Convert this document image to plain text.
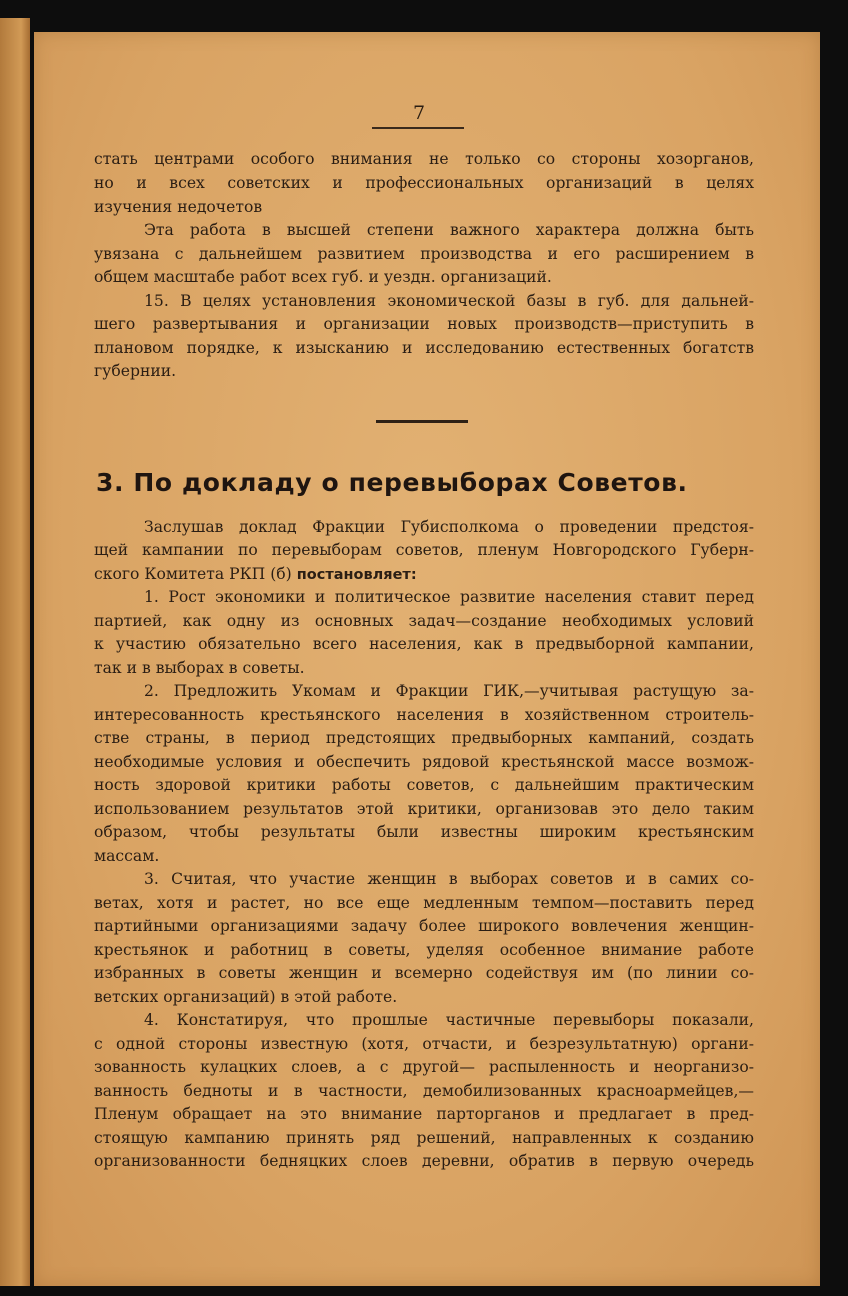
7
стать центрами особого внимания не только со стороны хозорганов,
но и всех советских и профессиональных организаций в целях
изучения недочетов
Эта работа в высшей степени важного характера должна быть
увязана с дальнейшем развитием производства и его расширением в
общем масштабе работ всех губ. и уездн. организаций.
15. В целях установления экономической базы в губ. для дальней-
шего развертывания и организации новых производств—приступить в
плановом порядке, к изысканию и исследованию естественных богатств
губернии.
3. По докладу о перевыборах Советов.
Заслушав доклад Фракции Губисполкома о проведении предстоя-
щей кампании по перевыборам советов, пленум Новгородского Губерн-
ского Комитета РКП (б) постановляет:
1. Рост экономики и политическое развитие населения ставит перед
партией, как одну из основных задач—создание необходимых условий
к участию обязательно всего населения, как в предвыборной кампании,
так и в выборах в советы.
2. Предложить Укомам и Фракции ГИК,—учитывая растущую за-
интересованность крестьянского населения в хозяйственном строитель-
стве страны, в период предстоящих предвыборных кампаний, создать
необходимые условия и обеспечить рядовой крестьянской массе возмож-
ность здоровой критики работы советов, с дальнейшим практическим
использованием результатов этой критики, организовав это дело таким
образом, чтобы результаты были известны широким крестьянским
массам.
3. Считая, что участие женщин в выборах советов и в самих со-
ветах, хотя и растет, но все еще медленным темпом—поставить перед
партийными организациями задачу более широкого вовлечения женщин-
крестьянок и работниц в советы, уделяя особенное внимание работе
избранных в советы женщин и всемерно содействуя им (по линии со-
ветских организаций) в этой работе.
4. Констатируя, что прошлые частичные перевыборы показали,
с одной стороны известную (хотя, отчасти, и безрезультатную) органи-
зованность кулацких слоев, а с другой— распыленность и неорганизо-
ванность бедноты и в частности, демобилизованных красноармейцев,—
Пленум обращает на это внимание парторганов и предлагает в пред-
стоящую кампанию принять ряд решений, направленных к созданию
организованности бедняцких слоев деревни, обратив в первую очередь
